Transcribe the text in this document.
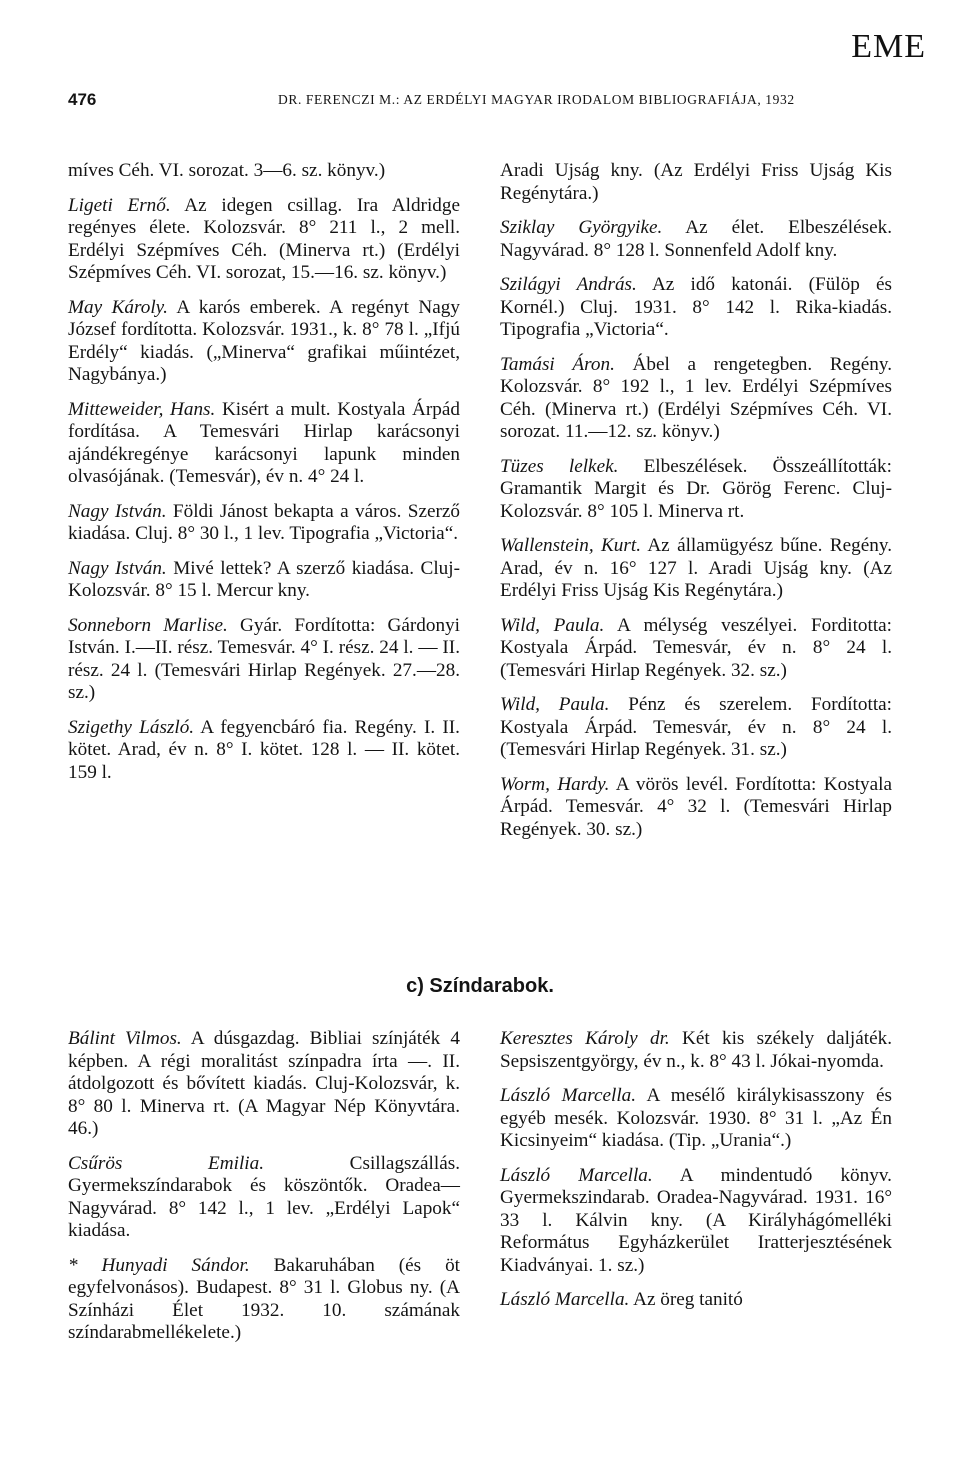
EME
476	DR. FERENCZI M.: AZ ERDÉLYI MAGYAR IRODALOM BIBLIOGRAFIÁJA, 1932

míves Céh. VI. sorozat. 3—6. sz. könyv.)

Ligeti Ernő. Az idegen csillag. Ira Aldridge regényes élete. Kolozsvár. 8° 211 l., 2 mell. Erdélyi Szépmíves Céh. (Minerva rt.) (Erdélyi Szépmíves Céh. VI. sorozat, 15.—16. sz. könyv.)

May Károly. A karós emberek. A regényt Nagy József fordította. Kolozsvár. 1931., k. 8° 78 l. „Ifjú Erdély“ kiadás. („Minerva“ grafikai műintézet, Nagybánya.)

Mitteweider, Hans. Kisért a mult. Kostyala Árpád fordítása. A Temesvári Hirlap karácsonyi ajándékregénye karácsonyi lapunk minden olvasójának. (Temesvár), év n. 4° 24 l.

Nagy István. Földi Jánost bekapta a város. Szerző kiadása. Cluj. 8° 30 l., 1 lev. Tipografia „Victoria“.

Nagy István. Mivé lettek? A szerző kiadása. Cluj-Kolozsvár. 8° 15 l. Mercur kny.

Sonneborn Marlise. Gyár. Fordította: Gárdonyi István. I.—II. rész. Temesvár. 4° I. rész. 24 l. — II. rész. 24 l. (Temesvári Hirlap Regények. 27.—28. sz.)

Szigethy László. A fegyencbáró fia. Regény. I. II. kötet. Arad, év n. 8° I. kötet. 128 l. — II. kötet. 159 l.

Aradi Ujság kny. (Az Erdélyi Friss Ujság Kis Regénytára.)

Sziklay Györgyike. Az élet. Elbeszélések. Nagyvárad. 8° 128 l. Sonnenfeld Adolf kny.

Szilágyi András. Az idő katonái. (Fülöp és Kornél.) Cluj. 1931. 8° 142 l. Rika-kiadás. Tipografia „Victoria“.

Tamási Áron. Ábel a rengetegben. Regény. Kolozsvár. 8° 192 l., 1 lev. Erdélyi Szépmíves Céh. (Minerva rt.) (Erdélyi Szépmíves Céh. VI. sorozat. 11.—12. sz. könyv.)

Tüzes lelkek. Elbeszélések. Összeállították: Gramantik Margit és Dr. Görög Ferenc. Cluj-Kolozsvár. 8° 105 l. Minerva rt.

Wallenstein, Kurt. Az államügyész bűne. Regény. Arad, év n. 16° 127 l. Aradi Ujság kny. (Az Erdélyi Friss Ujság Kis Regénytára.)

Wild, Paula. A mélység veszélyei. Forditotta: Kostyala Árpád. Temesvár, év n. 8° 24 l. (Temesvári Hirlap Regények. 32. sz.)

Wild, Paula. Pénz és szerelem. Fordította: Kostyala Árpád. Temesvár, év n. 8° 24 l. (Temesvári Hirlap Regények. 31. sz.)

Worm, Hardy. A vörös levél. Fordította: Kostyala Árpád. Temesvár. 4° 32 l. (Temesvári Hirlap Regények. 30. sz.)

c) Színdarabok.

Bálint Vilmos. A dúsgazdag. Bibliai színjáték 4 képben. A régi moralitást színpadra írta —. II. átdolgozott és bővített kiadás. Cluj-Kolozsvár, k. 8° 80 l. Minerva rt. (A Magyar Nép Könyvtára. 46.)

Csűrös Emilia. Csillagszállás. Gyermekszíndarabok és köszöntők. Oradea—Nagyvárad. 8° 142 l., 1 lev. „Erdélyi Lapok“ kiadása.

* Hunyadi Sándor. Bakaruhában (és öt egyfelvonásos). Budapest. 8° 31 l. Globus ny. (A Színházi Élet 1932. 10. számának színdarabmellékelete.)

Keresztes Károly dr. Két kis székely daljáték. Sepsiszentgyörgy, év n., k. 8° 43 l. Jókai-nyomda.

László Marcella. A mesélő királykisasszony és egyéb mesék. Kolozsvár. 1930. 8° 31 l. „Az Én Kicsinyeim“ kiadása. (Tip. „Urania“.)

László Marcella. A mindentudó könyv. Gyermekszindarab. Oradea-Nagyvárad. 1931. 16° 33 l. Kálvin kny. (A Királyhágómelléki Református Egyházkerület Iratterjesztésének Kiadványai. 1. sz.)

László Marcella. Az öreg tanitó
